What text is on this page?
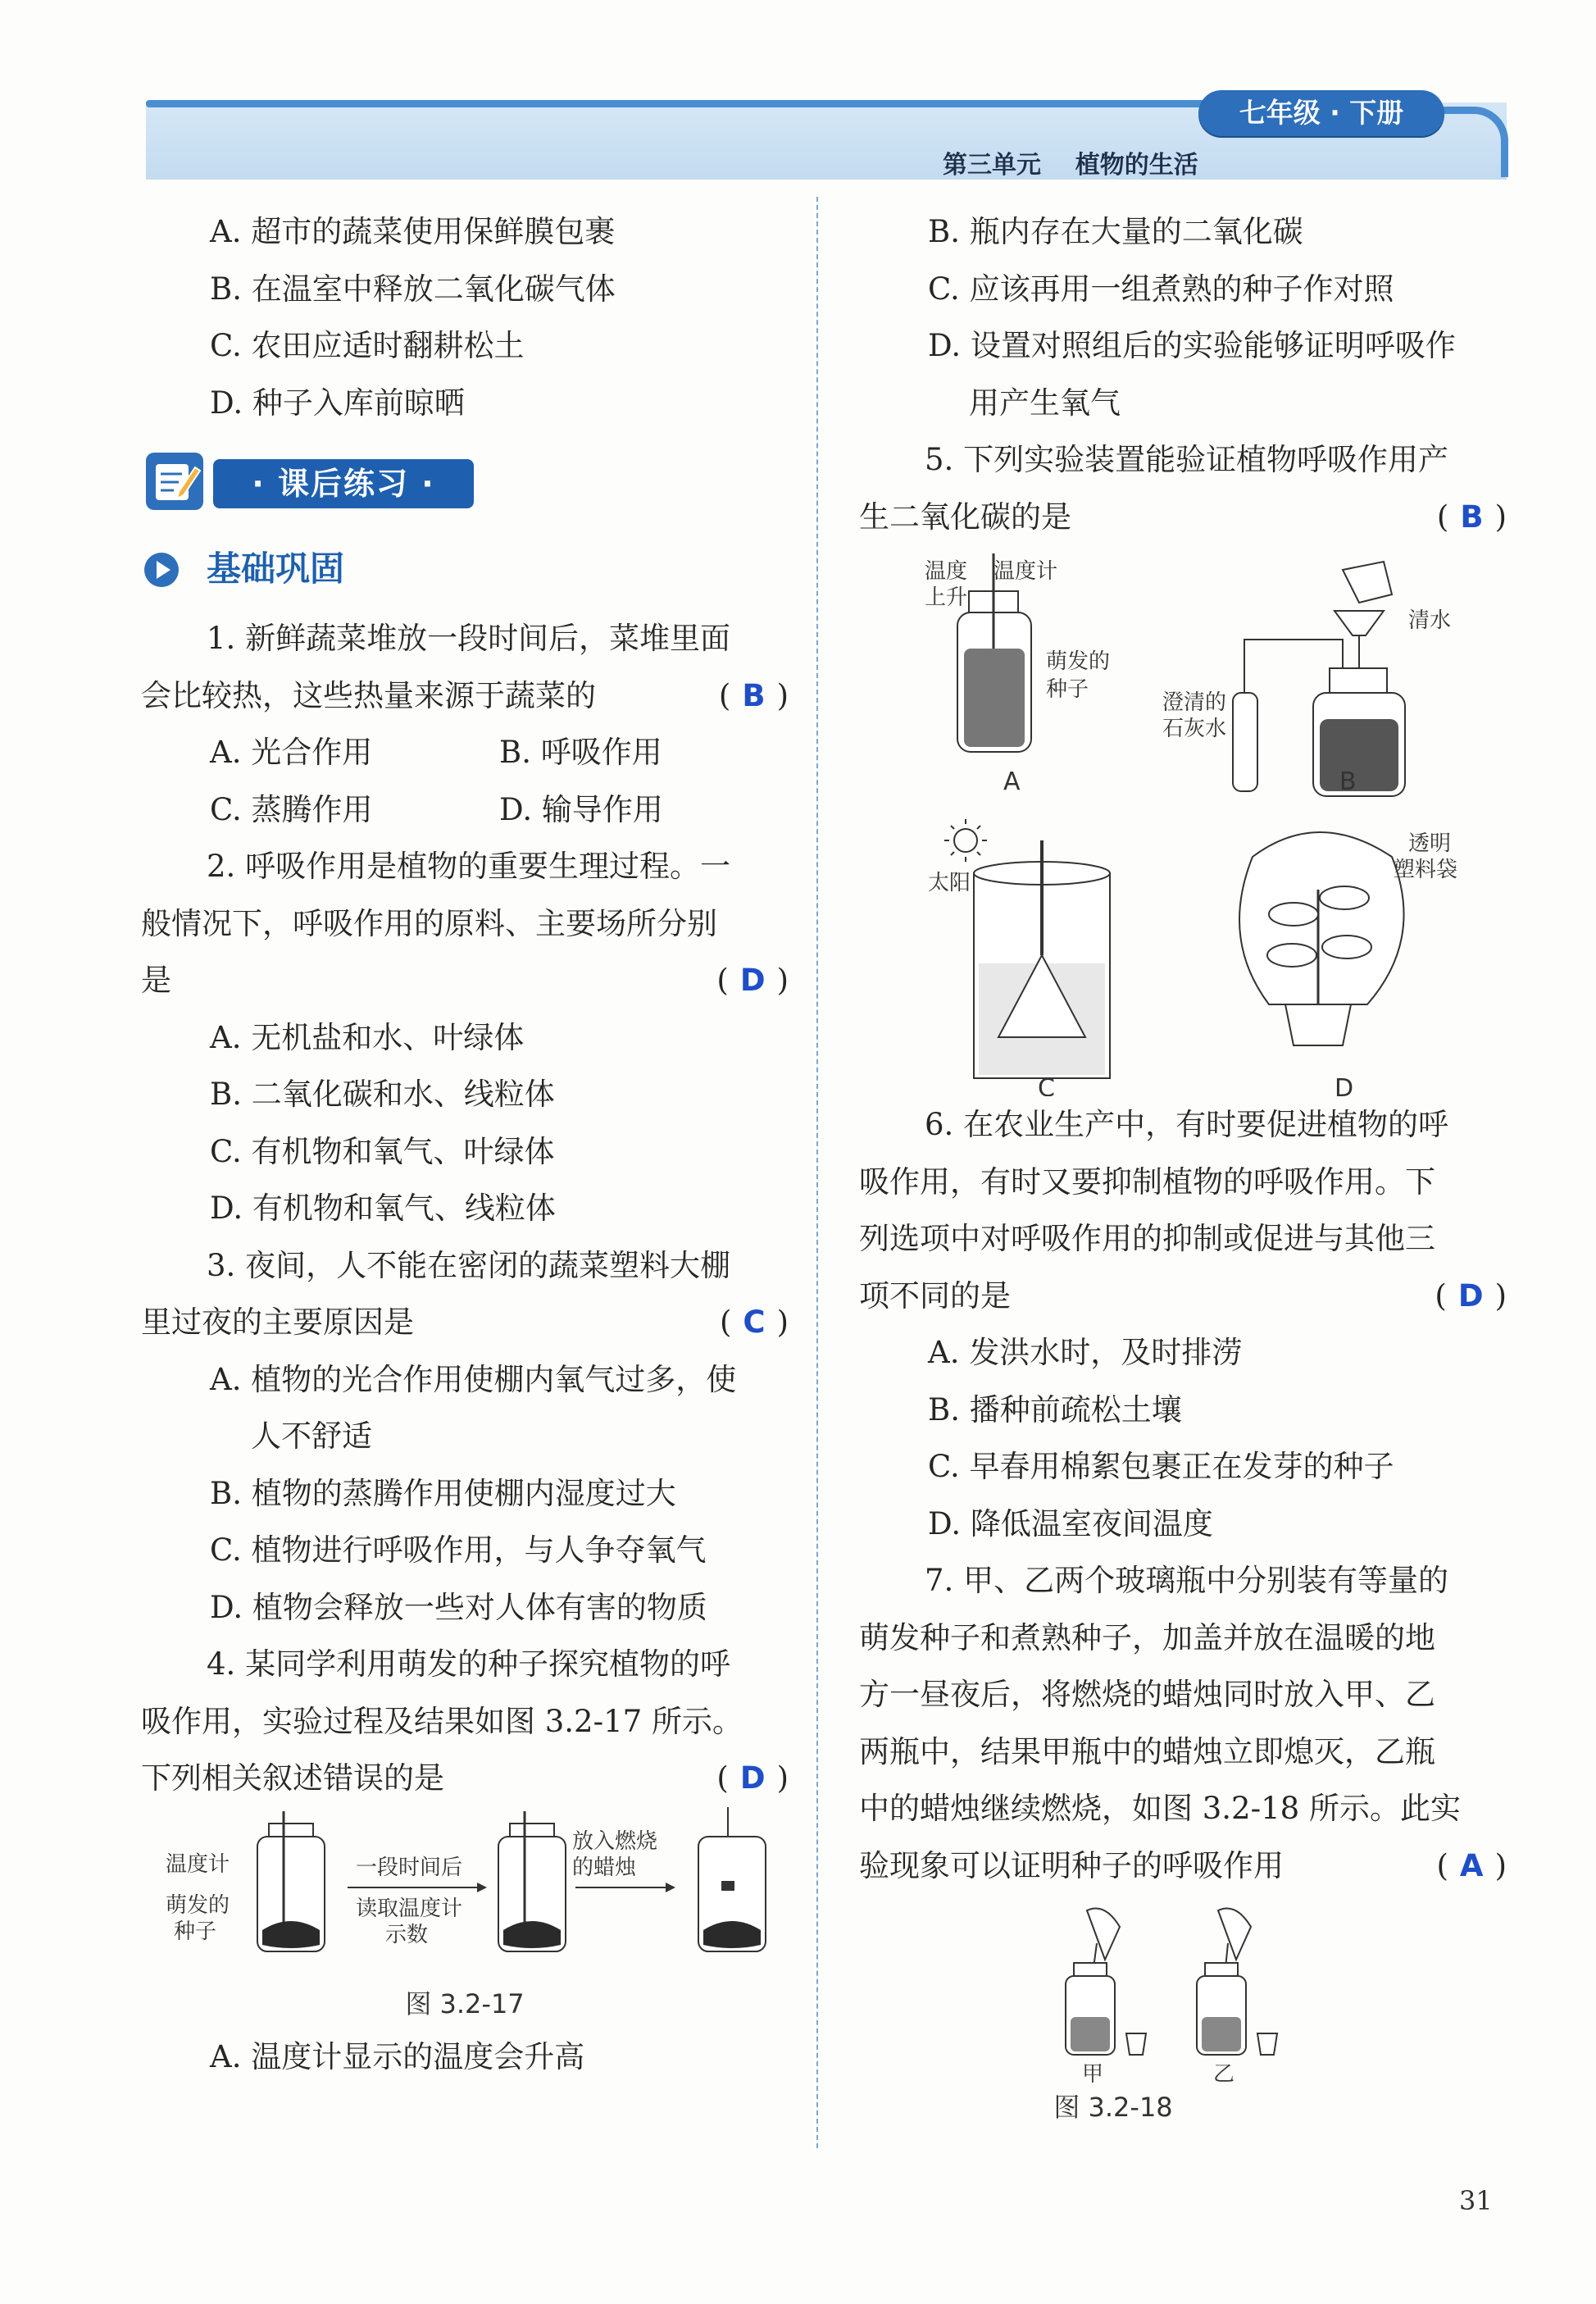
七年级 · 下册
第三单元    植物的生活
A. 超市的蔬菜使用保鲜膜包裹
B. 在温室中释放二氧化碳气体
C. 农田应适时翻耕松土
D. 种子入库前晾晒
· 课后练习 ·
基础巩固
1. 新鲜蔬菜堆放一段时间后，菜堆里面
会比较热，这些热量来源于蔬菜的	( B )
A. 光合作用	B. 呼吸作用
C. 蒸腾作用	D. 输导作用
2. 呼吸作用是植物的重要生理过程。一
般情况下，呼吸作用的原料、主要场所分别
是	( D )
A. 无机盐和水、叶绿体
B. 二氧化碳和水、线粒体
C. 有机物和氧气、叶绿体
D. 有机物和氧气、线粒体
3. 夜间，人不能在密闭的蔬菜塑料大棚
里过夜的主要原因是	( C )
A. 植物的光合作用使棚内氧气过多，使
人不舒适
B. 植物的蒸腾作用使棚内湿度过大
C. 植物进行呼吸作用，与人争夺氧气
D. 植物会释放一些对人体有害的物质
4. 某同学利用萌发的种子探究植物的呼
吸作用，实验过程及结果如图 3.2-17 所示。
下列相关叙述错误的是	( D )
温度计
萌发的
种子
一段时间后
读取温度计
示数
放入燃烧
的蜡烛
图 3.2-17
A. 温度计显示的温度会升高
B. 瓶内存在大量的二氧化碳
C. 应该再用一组煮熟的种子作对照
D. 设置对照组后的实验能够证明呼吸作
用产生氧气
5. 下列实验装置能验证植物呼吸作用产
生二氧化碳的是	( B )
温度
上升
温度计
萌发的
种子
A
清水
澄清的
石灰水
B
太阳
C
透明
塑料袋
D
6. 在农业生产中，有时要促进植物的呼
吸作用，有时又要抑制植物的呼吸作用。下
列选项中对呼吸作用的抑制或促进与其他三
项不同的是	( D )
A. 发洪水时，及时排涝
B. 播种前疏松土壤
C. 早春用棉絮包裹正在发芽的种子
D. 降低温室夜间温度
7. 甲、乙两个玻璃瓶中分别装有等量的
萌发种子和煮熟种子，加盖并放在温暖的地
方一昼夜后，将燃烧的蜡烛同时放入甲、乙
两瓶中，结果甲瓶中的蜡烛立即熄灭，乙瓶
中的蜡烛继续燃烧，如图 3.2-18 所示。此实
验现象可以证明种子的呼吸作用	( A )
甲	乙
图 3.2-18
31
